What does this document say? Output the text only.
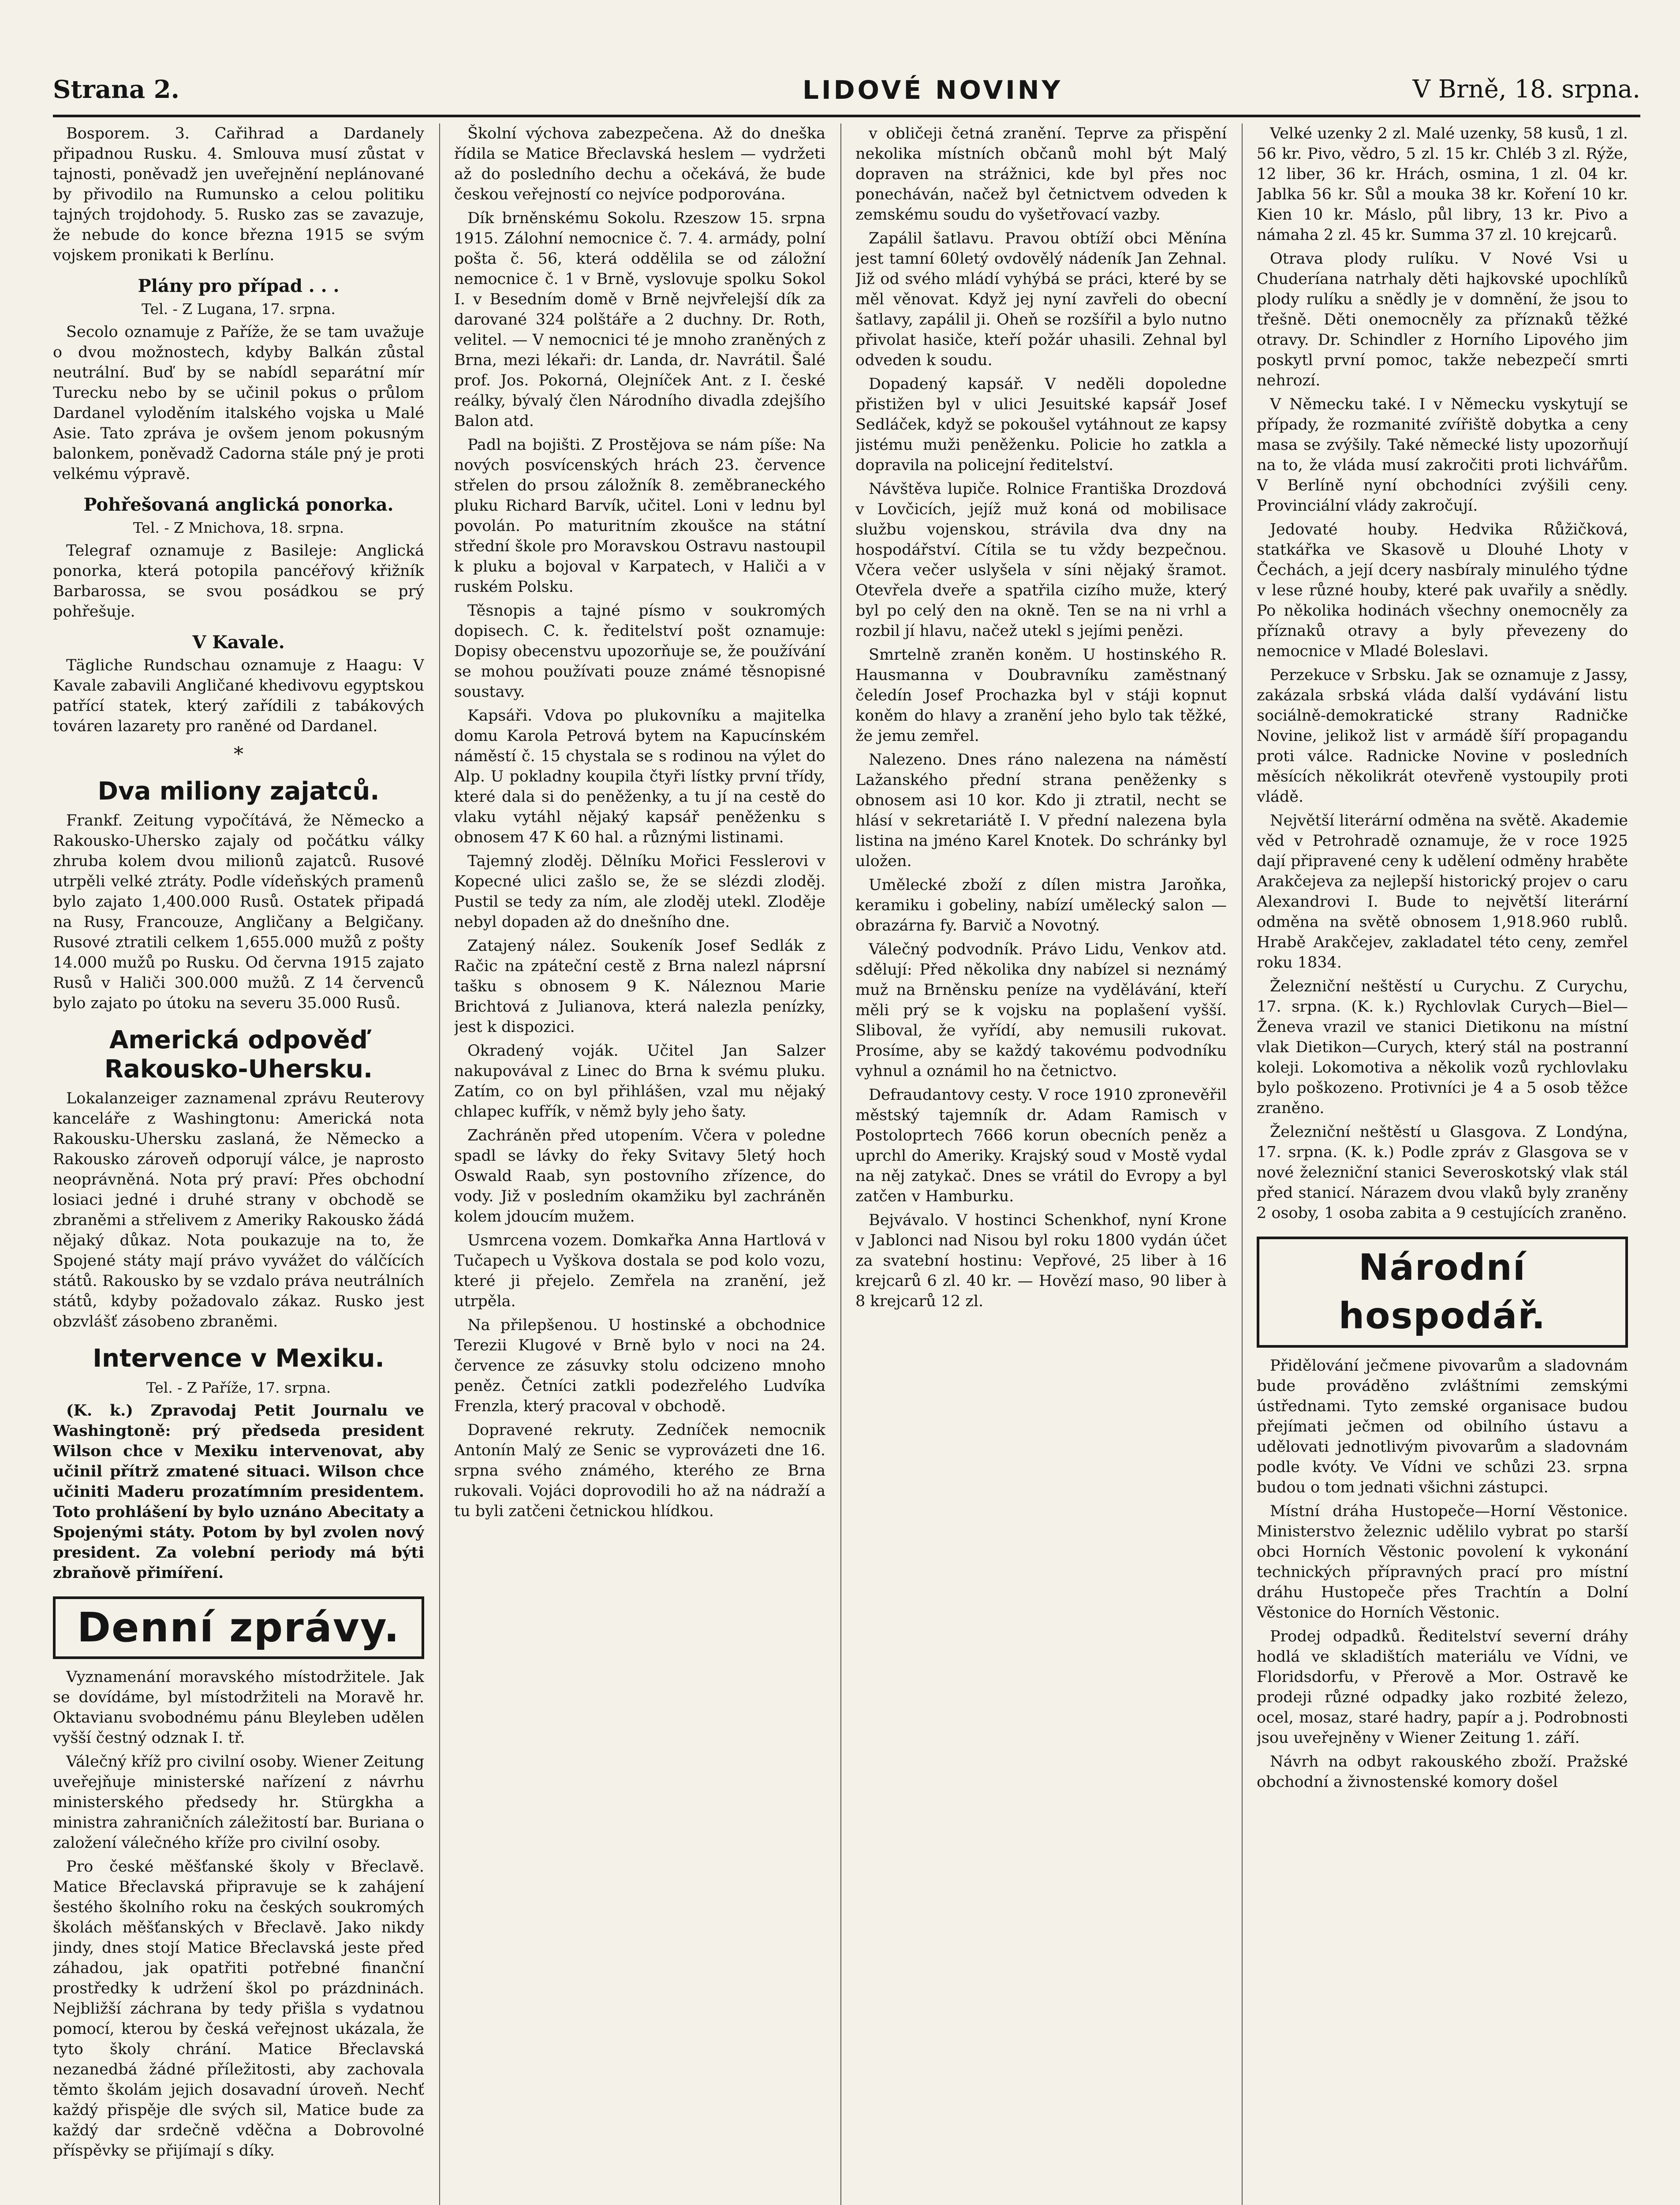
Strana 2.	LIDOVÉ NOVINY	V Brně, 18. srpna.

Bosporem. 3. Cařihrad a Dardanely připadnou Rusku. 4. Smlouva musí zůstat v tajnosti, poněvadž jen uveřejnění neplánované by přivodilo na Rumunsko a celou politiku tajných trojdohody. 5. Rusko zas se zavazuje, že nebude do konce března 1915 se svým vojskem pronikati k Berlínu.

Plány pro případ . . .
Tel. - Z Lugana, 17. srpna.

Secolo oznamuje z Paříže, že se tam uvažuje o dvou možnostech, kdyby Balkán zůstal neutrální. Buď by se nabídl separátní mír Turecku nebo by se učinil pokus o průlom Dardanel vyloděním italského vojska u Malé Asie. Tato zpráva je ovšem jenom pokusným balonkem, poněvadž Cadorna stále pný je proti velkému výpravě.

Pohřešovaná anglická ponorka.
Tel. - Z Mnichova, 18. srpna.

Telegraf oznamuje z Basileje: Anglická ponorka, která potopila pancéřový křižník Barbarossa, se svou posádkou se prý pohřešuje.

V Kavale.

Tägliche Rundschau oznamuje z Haagu: V Kavale zabavili Angličané khedivovu egyptskou patřící statek, který zařídili z tabákových továren lazarety pro raněné od Dardanel.

*
Dva miliony zajatců.

Frankf. Zeitung vypočítává, že Německo a Rakousko-Uhersko zajaly od počátku války zhruba kolem dvou milionů zajatců. Rusové utrpěli velké ztráty. Podle vídeňských pramenů bylo zajato 1,400.000 Rusů. Ostatek připadá na Rusy, Francouze, Angličany a Belgičany. Rusové ztratili celkem 1,655.000 mužů z pošty 14.000 mužů po Rusku. Od června 1915 zajato Rusů v Haliči 300.000 mužů. Z 14 červenců bylo zajato po útoku na severu 35.000 Rusů.

Americká odpověď Rakousko-Uhersku.

Lokalanzeiger zaznamenal zprávu Reuterovy kanceláře z Washingtonu: Americká nota Rakousku-Uhersku zaslaná, že Německo a Rakousko zároveň odporují válce, je naprosto neoprávněná. Nota prý praví: Přes obchodní losiaci jedné i druhé strany v obchodě se zbraněmi a střelivem z Ameriky Rakousko žádá nějaký důkaz. Nota poukazuje na to, že Spojené státy mají právo vyvážet do válčících států. Rakousko by se vzdalo práva neutrálních států, kdyby požadovalo zákaz. Rusko jest obzvlášť zásobeno zbraněmi.

Intervence v Mexiku.
Tel. - Z Paříže, 17. srpna.

(K. k.) Zpravodaj Petit Journalu ve Washingtoně: prý předseda president Wilson chce v Mexiku intervenovat, aby učinil přítrž zmatené situaci. Wilson chce učiniti Maderu prozatímním presidentem. Toto prohlášení by bylo uznáno Abecitaty a Spojenými státy. Potom by byl zvolen nový president. Za volební periody má býti zbraňově přimíření.

Denní zprávy.

Vyznamenání moravského místodržitele. Jak se dovídáme, byl místodržiteli na Moravě hr. Oktavianu svobodnému pánu Bleyleben udělen vyšší čestný odznak I. tř.

Válečný kříž pro civilní osoby. Wiener Zeitung uveřejňuje ministerské nařízení z návrhu ministerského předsedy hr. Stürgkha a ministra zahraničních záležitostí bar. Buriana o založení válečného kříže pro civilní osoby.

Pro české měšťanské školy v Břeclavě. Matice Břeclavská připravuje se k zahájení šestého školního roku na českých soukromých školách měšťanských v Břeclavě. Jako nikdy jindy, dnes stojí Matice Břeclavská jeste před záhadou, jak opatřiti potřebné finanční prostředky k udržení škol po prázdninách. Nejbližší záchrana by tedy přišla s vydatnou pomocí, kterou by česká veřejnost ukázala, že tyto školy chrání. Matice Břeclavská nezanedbá žádné příležitosti, aby zachovala těmto školám jejich dosavadní úroveň. Nechť každý přispěje dle svých sil, Matice bude za každý dar srdečně vděčna a Dobrovolné příspěvky se přijímají s díky.

Školní výchova zabezpečena. Až do dneška řídila se Matice Břeclavská heslem — vydržeti až do posledního dechu a očekává, že bude českou veřejností co nejvíce podporována.

Dík brněnskému Sokolu. Rzeszow 15. srpna 1915. Zálohní nemocnice č. 7. 4. armády, polní pošta č. 56, která oddělila se od záložní nemocnice č. 1 v Brně, vyslovuje spolku Sokol I. v Besedním domě v Brně nejvřelejší dík za darované 324 polštáře a 2 duchny. Dr. Roth, velitel. — V nemocnici té je mnoho zraněných z Brna, mezi lékaři: dr. Landa, dr. Navrátil. Šalé prof. Jos. Pokorná, Olejníček Ant. z I. české reálky, bývalý člen Národního divadla zdejšího Balon atd.

Padl na bojišti. Z Prostějova se nám píše: Na nových posvícenských hrách 23. července střelen do prsou záložník 8. zeměbraneckého pluku Richard Barvík, učitel. Loni v lednu byl povolán. Po maturitním zkoušce na státní střední škole pro Moravskou Ostravu nastoupil k pluku a bojoval v Karpatech, v Haliči a v ruském Polsku.

Těsnopis a tajné písmo v soukromých dopisech. C. k. ředitelství pošt oznamuje: Dopisy obecenstvu upozorňuje se, že používání se mohou používati pouze známé těsnopisné soustavy.

Kapsáři. Vdova po plukovníku a majitelka domu Karola Petrová bytem na Kapucínském náměstí č. 15 chystala se s rodinou na výlet do Alp. U pokladny koupila čtyři lístky první třídy, které dala si do peněženky, a tu jí na cestě do vlaku vytáhl nějaký kapsář peněženku s obnosem 47 K 60 hal. a různými listinami.

Tajemný zloděj. Dělníku Mořici Fesslerovi v Kopecné ulici zašlo se, že se slézdi zloděj. Pustil se tedy za ním, ale zloděj utekl. Zloděje nebyl dopaden až do dnešního dne.

Zatajený nález. Soukeník Josef Sedlák z Račic na zpáteční cestě z Brna nalezl náprsní tašku s obnosem 9 K. Náleznou Marie Brichtová z Julianova, která nalezla penízky, jest k dispozici.

Okradený voják. Učitel Jan Salzer nakupovával z Linec do Brna k svému pluku. Zatím, co on byl přihlášen, vzal mu nějaký chlapec kufřík, v němž byly jeho šaty.

Zachráněn před utopením. Včera v poledne spadl se lávky do řeky Svitavy 5letý hoch Oswald Raab, syn postovního zřízence, do vody. Již v posledním okamžiku byl zachráněn kolem jdoucím mužem.

Usmrcena vozem. Domkařka Anna Hartlová v Tučapech u Vyškova dostala se pod kolo vozu, které ji přejelo. Zemřela na zranění, jež utrpěla.

Na přilepšenou. U hostinské a obchodnice Terezii Klugové v Brně bylo v noci na 24. července ze zásuvky stolu odcizeno mnoho peněz. Četníci zatkli podezřelého Ludvíka Frenzla, který pracoval v obchodě.

Dopravené rekruty. Zedníček nemocnik Antonín Malý ze Senic se vyprovázeti dne 16. srpna svého známého, kterého ze Brna rukovali. Vojáci doprovodili ho až na nádraží a tu byli zatčeni četnickou hlídkou.

v obličeji četná zranění. Teprve za přispění nekolika místních občanů mohl být Malý dopraven na strážnici, kde byl přes noc ponecháván, načež byl četnictvem odveden k zemskému soudu do vyšetřovací vazby.

Zapálil šatlavu. Pravou obtíží obci Měnína jest tamní 60letý ovdovělý nádeník Jan Zehnal. Již od svého mládí vyhýbá se práci, které by se měl věnovat. Když jej nyní zavřeli do obecní šatlavy, zapálil ji. Oheň se rozšířil a bylo nutno přivolat hasiče, kteří požár uhasili. Zehnal byl odveden k soudu.

Dopadený kapsář. V neděli dopoledne přistižen byl v ulici Jesuitské kapsář Josef Sedláček, když se pokoušel vytáhnout ze kapsy jistému muži peněženku. Policie ho zatkla a dopravila na policejní ředitelství.

Návštěva lupiče. Rolnice Františka Drozdová v Lovčicích, jejíž muž koná od mobilisace službu vojenskou, strávila dva dny na hospodářství. Cítila se tu vždy bezpečnou. Včera večer uslyšela v síni nějaký šramot. Otevřela dveře a spatřila cizího muže, který byl po celý den na okně. Ten se na ni vrhl a rozbil jí hlavu, načež utekl s jejími penězi.

Smrtelně zraněn koněm. U hostinského R. Hausmanna v Doubravníku zaměstnaný čeledín Josef Prochazka byl v stáji kopnut koněm do hlavy a zranění jeho bylo tak těžké, že jemu zemřel.

Nalezeno. Dnes ráno nalezena na náměstí Lažanského přední strana peněženky s obnosem asi 10 kor. Kdo ji ztratil, necht se hlásí v sekretariátě I. V přední nalezena byla listina na jméno Karel Knotek. Do schránky byl uložen.

Umělecké zboží z dílen mistra Jaroňka, keramiku i gobeliny, nabízí umělecký salon — obrazárna fy. Barvič a Novotný.

Válečný podvodník. Právo Lidu, Venkov atd. sdělují: Před několika dny nabízel si neznámý muž na Brněnsku peníze na vydělávání, kteří měli prý se k vojsku na poplašení vyšší. Sliboval, že vyřídí, aby nemusili rukovat. Prosíme, aby se každý takovému podvodníku vyhnul a oznámil ho na četnictvo.

Defraudantovy cesty. V roce 1910 zpronevěřil městský tajemník dr. Adam Ramisch v Postoloprtech 7666 korun obecních peněz a uprchl do Ameriky. Krajský soud v Mostě vydal na něj zatykač. Dnes se vrátil do Evropy a byl zatčen v Hamburku.

Bejvávalo. V hostinci Schenkhof, nyní Krone v Jablonci nad Nisou byl roku 1800 vydán účet za svatební hostinu: Vepřové, 25 liber à 16 krejcarů 6 zl. 40 kr. — Hovězí maso, 90 liber à 8 krejcarů 12 zl.

Velké uzenky 2 zl. Malé uzenky, 58 kusů, 1 zl. 56 kr. Pivo, vědro, 5 zl. 15 kr. Chléb 3 zl. Rýže, 12 liber, 36 kr. Hrách, osmina, 1 zl. 04 kr. Jablka 56 kr. Sůl a mouka 38 kr. Koření 10 kr. Kien 10 kr. Máslo, půl libry, 13 kr. Pivo a námaha 2 zl. 45 kr. Summa 37 zl. 10 krejcarů.

Otrava plody rulíku. V Nové Vsi u Chuderíana natrhaly děti hajkovské upochlíků plody rulíku a snědly je v domnění, že jsou to třešně. Děti onemocněly za příznaků těžké otravy. Dr. Schindler z Horního Lipového jim poskytl první pomoc, takže nebezpečí smrti nehrozí.

V Německu také. I v Německu vyskytují se případy, že rozmanité zvířiště dobytka a ceny masa se zvýšily. Také německé listy upozorňují na to, že vláda musí zakročiti proti lichvářům. V Berlíně nyní obchodníci zvýšili ceny. Provinciální vlády zakročují.

Jedovaté houby. Hedvika Růžičková, statkářka ve Skasově u Dlouhé Lhoty v Čechách, a její dcery nasbíraly minulého týdne v lese různé houby, které pak uvařily a snědly. Po několika hodinách všechny onemocněly za příznaků otravy a byly převezeny do nemocnice v Mladé Boleslavi.

Perzekuce v Srbsku. Jak se oznamuje z Jassy, zakázala srbská vláda další vydávání listu sociálně-demokratické strany Radničke Novine, jelikož list v armádě šíří propagandu proti válce. Radnicke Novine v posledních měsících několikrát otevřeně vystoupily proti vládě.

Největší literární odměna na světě. Akademie věd v Petrohradě oznamuje, že v roce 1925 dají připravené ceny k udělení odměny hraběte Arakčejeva za nejlepší historický projev o caru Alexandrovi I. Bude to největší literární odměna na světě obnosem 1,918.960 rublů. Hrabě Arakčejev, zakladatel této ceny, zemřel roku 1834.

Železniční neštěstí u Curychu. Z Curychu, 17. srpna. (K. k.) Rychlovlak Curych—Biel—Ženeva vrazil ve stanici Dietikonu na místní vlak Dietikon—Curych, který stál na postranní koleji. Lokomotiva a několik vozů rychlovlaku bylo poškozeno. Protivníci je 4 a 5 osob těžce zraněno.

Železniční neštěstí u Glasgova. Z Londýna, 17. srpna. (K. k.) Podle zpráv z Glasgova se v nové železniční stanici Severoskotský vlak stál před stanicí. Nárazem dvou vlaků byly zraněny 2 osoby, 1 osoba zabita a 9 cestujících zraněno.

Národní hospodář.

Přidělování ječmene pivovarům a sladovnám bude prováděno zvláštními zemskými ústřednami. Tyto zemské organisace budou přejímati ječmen od obilního ústavu a udělovati jednotlivým pivovarům a sladovnám podle kvóty. Ve Vídni ve schůzi 23. srpna budou o tom jednati všichni zástupci.

Místní dráha Hustopeče—Horní Věstonice. Ministerstvo železnic udělilo vybrat po starší obci Horních Věstonic povolení k vykonání technických přípravných prací pro místní dráhu Hustopeče přes Trachtín a Dolní Věstonice do Horních Věstonic.

Prodej odpadků. Ředitelství severní dráhy hodlá ve skladištích materiálu ve Vídni, ve Floridsdorfu, v Přerově a Mor. Ostravě ke prodeji různé odpadky jako rozbité železo, ocel, mosaz, staré hadry, papír a j. Podrobnosti jsou uveřejněny v Wiener Zeitung 1. září.

Návrh na odbyt rakouského zboží. Pražské obchodní a živnostenské komory došel
